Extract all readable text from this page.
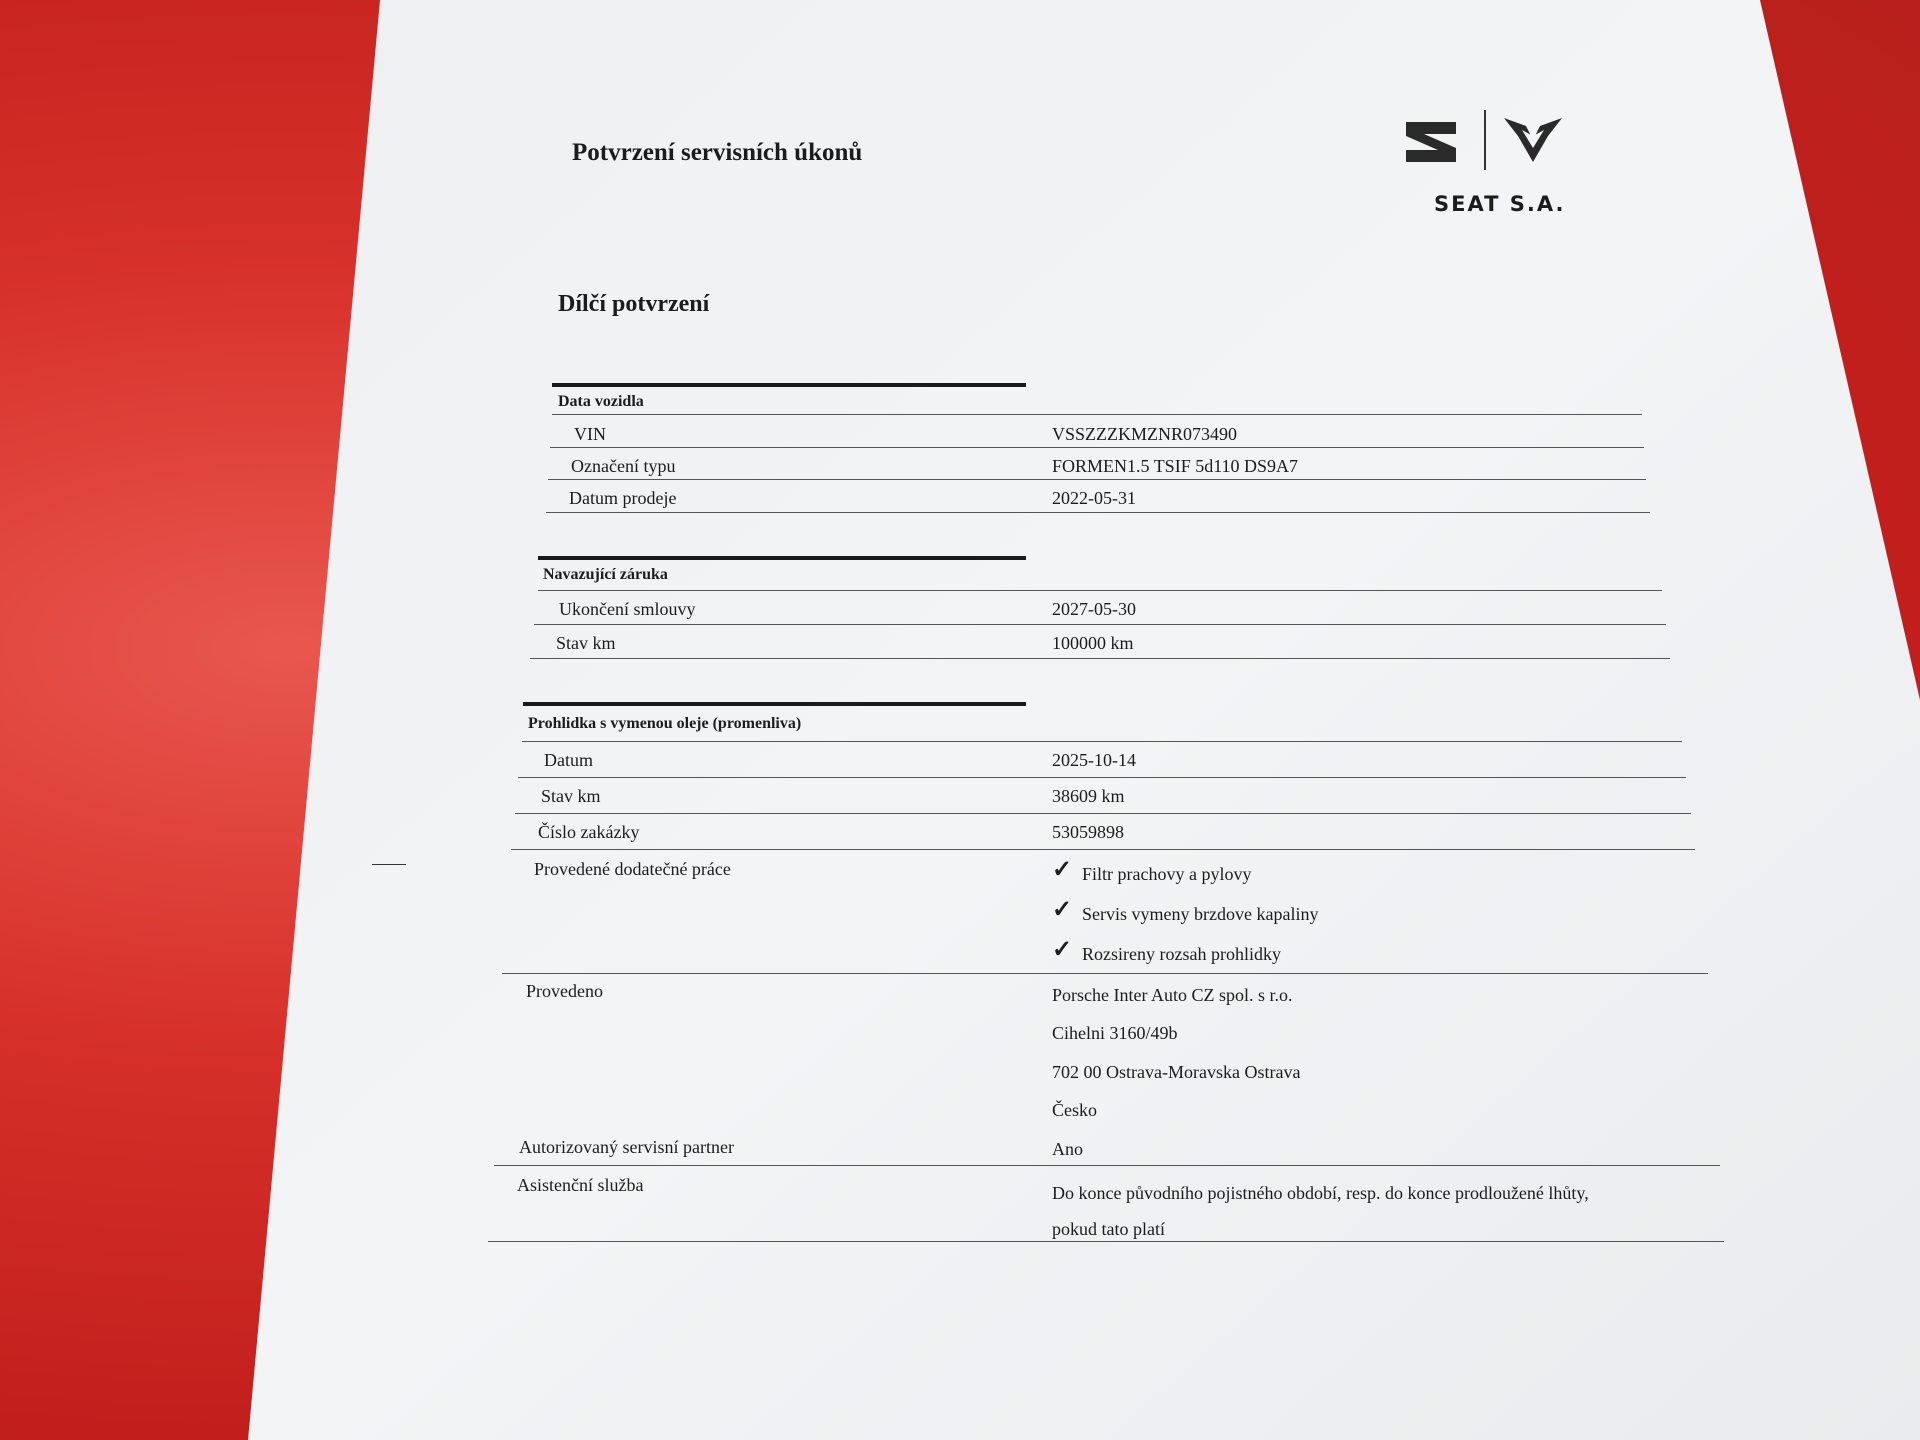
Potvrzení servisních úkonů
Dílčí potvrzení
SEAT S.A.
Data vozidla
VIN	VSSZZZKMZNR073490
Označení typu	FORMEN1.5 TSIF 5d110 DS9A7
Datum prodeje	2022-05-31
Navazující záruka
Ukončení smlouvy	2027-05-30
Stav km	100000 km
Prohlidka s vymenou oleje (promenliva)
Datum	2025-10-14
Stav km	38609 km
Číslo zakázky	53059898
Provedené dodatečné práce	✓ Filtr prachovy a pylovy
✓ Servis vymeny brzdove kapaliny
✓ Rozsireny rozsah prohlidky
Provedeno	Porsche Inter Auto CZ spol. s r.o.
Cihelni 3160/49b
702 00 Ostrava-Moravska Ostrava
Česko
Autorizovaný servisní partner	Ano
Asistenční služba	Do konce původního pojistného období, resp. do konce prodloužené lhůty,
pokud tato platí
